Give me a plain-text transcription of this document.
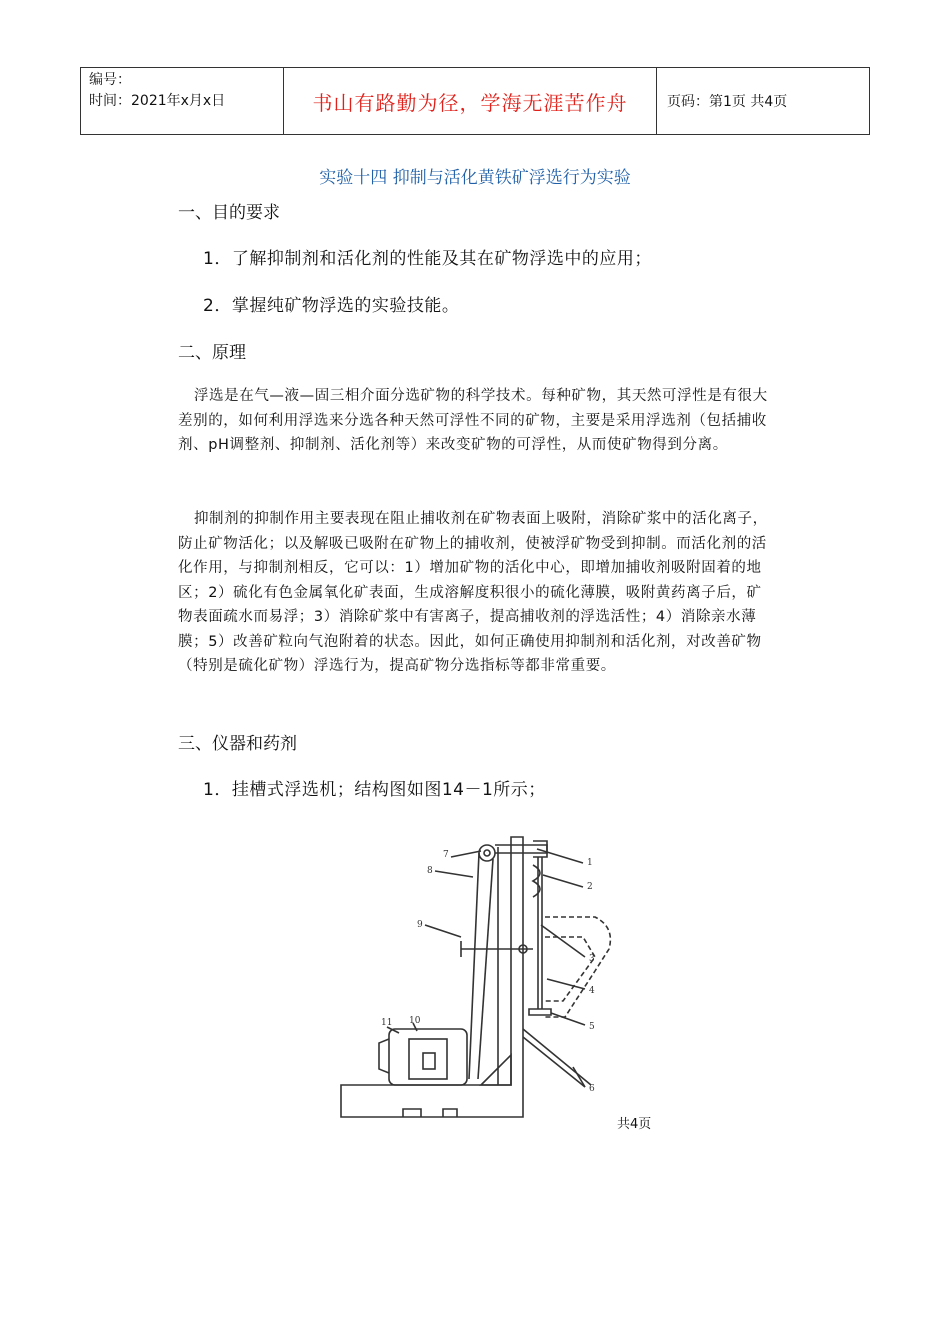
编号：
时间：2021年x月x日	书山有路勤为径，学海无涯苦作舟	页码：第1页 共4页
实验十四 抑制与活化黄铁矿浮选行为实验
一、目的要求
1．了解抑制剂和活化剂的性能及其在矿物浮选中的应用；
2．掌握纯矿物浮选的实验技能。
二、原理
浮选是在气—液—固三相介面分选矿物的科学技术。每种矿物，其天然可浮性是有很大差别的，如何利用浮选来分选各种天然可浮性不同的矿物，主要是采用浮选剂（包括捕收剂、pH调整剂、抑制剂、活化剂等）来改变矿物的可浮性，从而使矿物得到分离。
抑制剂的抑制作用主要表现在阻止捕收剂在矿物表面上吸附，消除矿浆中的活化离子，防止矿物活化；以及解吸已吸附在矿物上的捕收剂，使被浮矿物受到抑制。而活化剂的活化作用，与抑制剂相反，它可以：1）增加矿物的活化中心，即增加捕收剂吸附固着的地区；2）硫化有色金属氧化矿表面，生成溶解度积很小的硫化薄膜，吸附黄药离子后，矿物表面疏水而易浮；3）消除矿浆中有害离子，提高捕收剂的浮选活性；4）消除亲水薄膜；5）改善矿粒向气泡附着的状态。因此，如何正确使用抑制剂和活化剂，对改善矿物（特别是硫化矿物）浮选行为，提高矿物分选指标等都非常重要。
三、仪器和药剂
1．挂槽式浮选机；结构图如图14－1所示；
1
2
3
4
5
6
7
8
9
10
11
共4页
